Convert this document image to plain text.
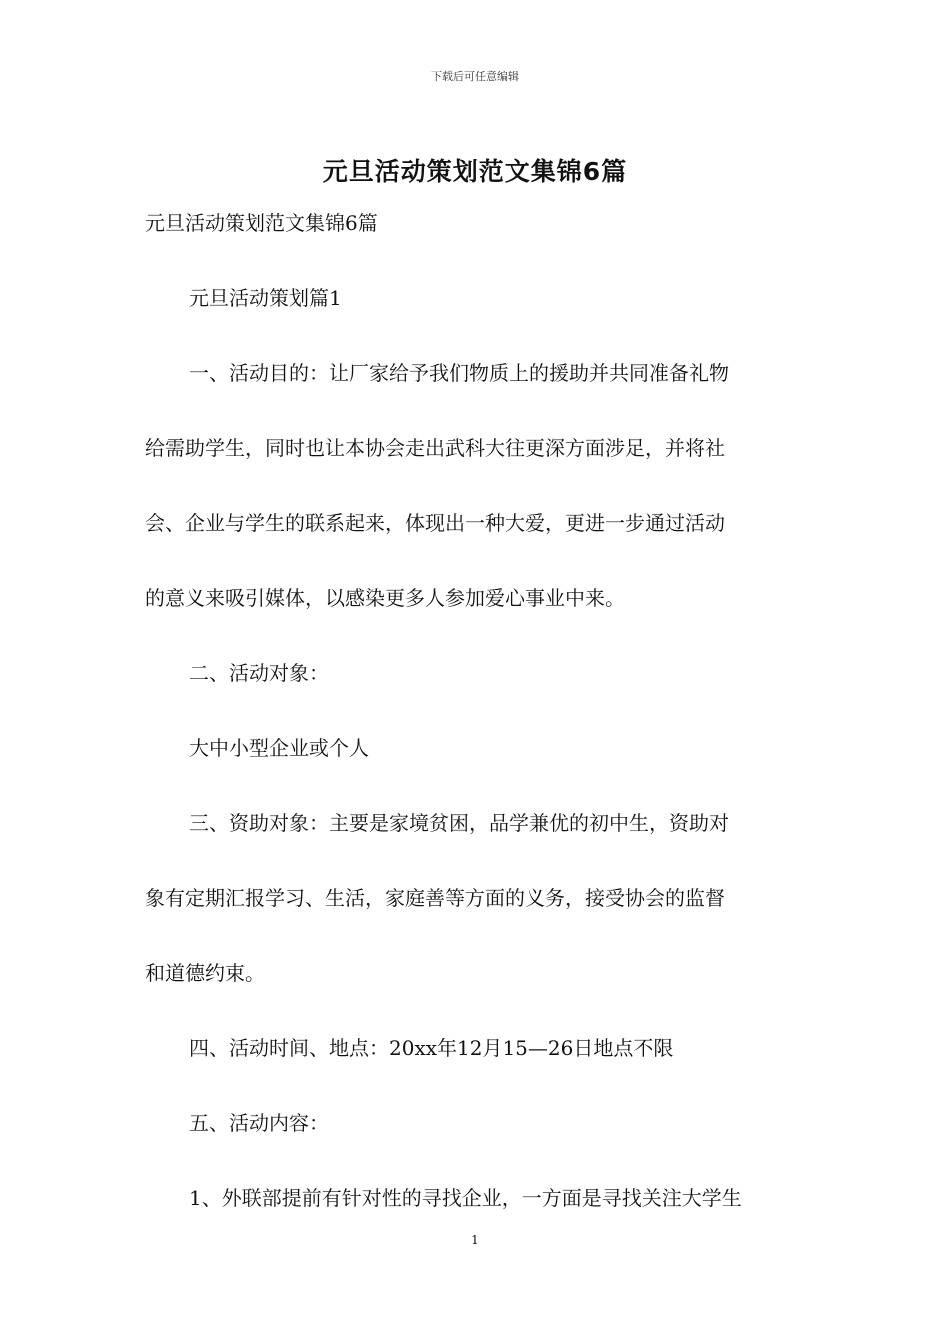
下载后可任意编辑
元旦活动策划范文集锦6篇
元旦活动策划范文集锦6篇
元旦活动策划篇1
一、活动目的：让厂家给予我们物质上的援助并共同准备礼物
给需助学生，同时也让本协会走出武科大往更深方面涉足，并将社
会、企业与学生的联系起来，体现出一种大爱，更进一步通过活动
的意义来吸引媒体，以感染更多人参加爱心事业中来。
二、活动对象：
大中小型企业或个人
三、资助对象：主要是家境贫困，品学兼优的初中生，资助对
象有定期汇报学习、生活，家庭善等方面的义务，接受协会的监督
和道德约束。
四、活动时间、地点：20xx年12月15—26日地点不限
五、活动内容：
1、外联部提前有针对性的寻找企业，一方面是寻找关注大学生
1
